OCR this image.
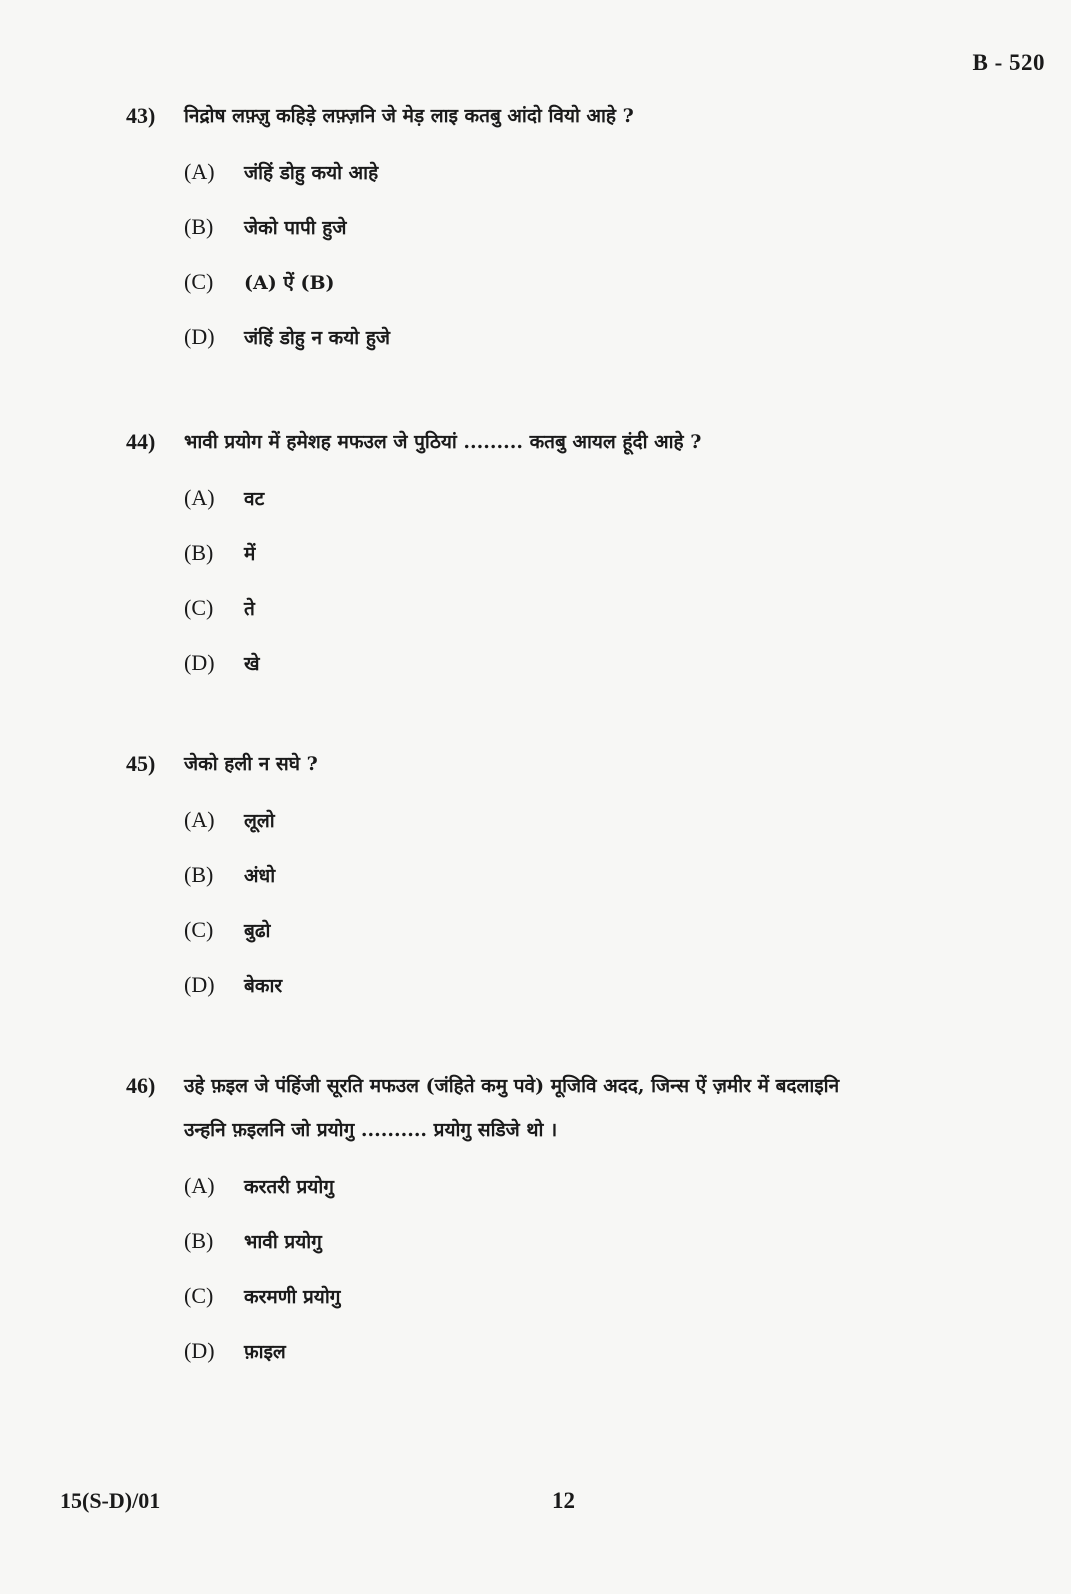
B - 520
43)	निद्रोष लफ़्ज़ु कहिड़े लफ़्ज़नि जे मेड़ लाइ कतबु आंदो वियो आहे ?
(A)	जंहिं डोहु कयो आहे
(B)	जेको पापी हुजे
(C)	(A) ऐं (B)
(D)	जंहिं डोहु न कयो हुजे
44)	भावी प्रयोग में हमेशह मफउल जे पुठियां ......... कतबु आयल हूंदी आहे ?
(A)	वट
(B)	में
(C)	ते
(D)	खे
45)	जेको हली न सघे ?
(A)	लूलो
(B)	अंधो
(C)	बुढो
(D)	बेकार
46)	उहे फ़इल जे पंहिंजी सूरति मफउल (जंहिते कमु पवे) मूजिवि अदद, जिन्स ऐं ज़मीर में बदलाइनि
उन्हनि फ़इलनि जो प्रयोगु .......... प्रयोगु सडिजे थो ।
(A)	करतरी प्रयोगु
(B)	भावी प्रयोगु
(C)	करमणी प्रयोगु
(D)	फ़ाइल
15(S-D)/01	12
